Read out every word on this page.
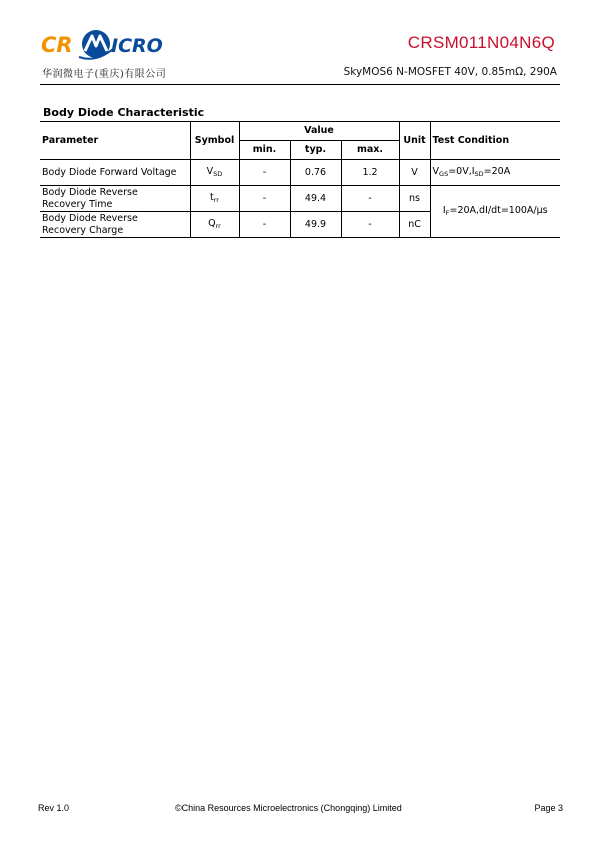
CR ICRO
华润微电子(重庆)有限公司
CRSM011N04N6Q
SkyMOS6 N-MOSFET 40V, 0.85mΩ, 290A
Body Diode Characteristic
Parameter	Symbol	Value			Unit	Test Condition
		min.	typ.	max.		
Body Diode Forward Voltage	$V_{SD}$	-	0.76	1.2	V	$V_{GS}=0V,I_{SD}=20A$
Body Diode Reverse
Recovery Time	$t_{rr}$	-	49.4	-	ns	$I_F=20A,dI/dt=100A/\mu s$
Body Diode Reverse
Recovery Charge	$Q_{rr}$	-	49.9	-	nC	
Rev 1.0	©China Resources Microelectronics (Chongqing) Limited	Page 3
